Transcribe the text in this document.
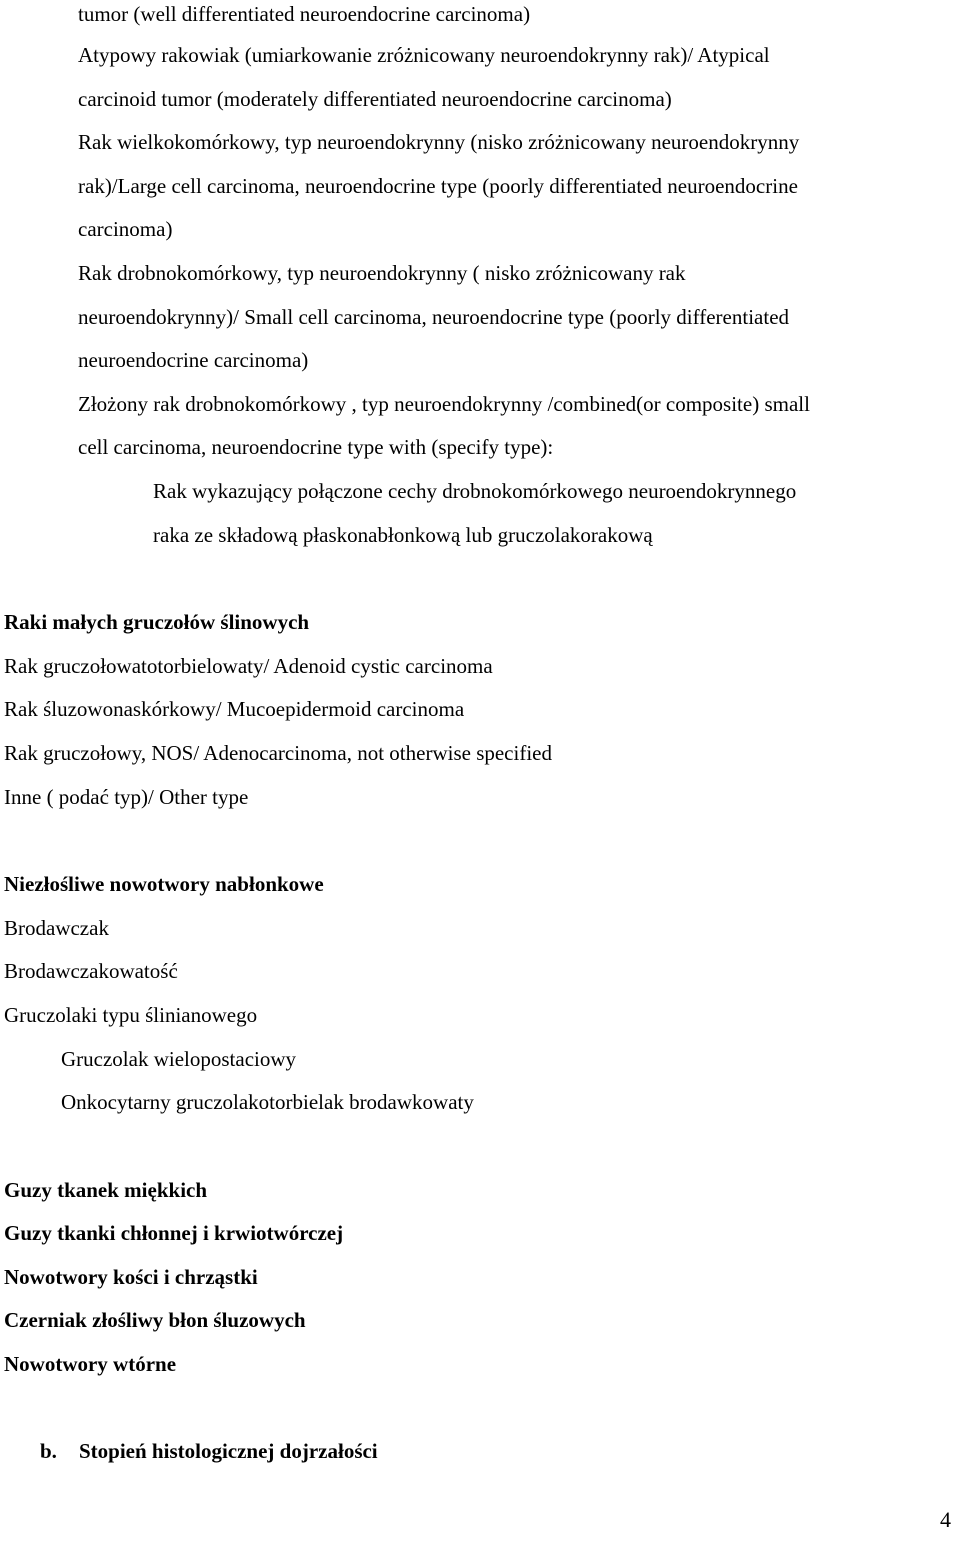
tumor (well differentiated neuroendocrine carcinoma)
Atypowy rakowiak (umiarkowanie zróżnicowany neuroendokrynny rak)/ Atypical
carcinoid tumor (moderately differentiated neuroendocrine carcinoma)
Rak wielkokomórkowy, typ neuroendokrynny (nisko zróżnicowany neuroendokrynny
rak)/Large cell carcinoma, neuroendocrine type (poorly differentiated neuroendocrine
carcinoma)
Rak drobnokomórkowy, typ neuroendokrynny ( nisko zróżnicowany rak
neuroendokrynny)/ Small cell carcinoma, neuroendocrine type (poorly differentiated
neuroendocrine carcinoma)
Złożony rak drobnokomórkowy , typ neuroendokrynny /combined(or composite) small
cell carcinoma, neuroendocrine type with (specify type):
Rak wykazujący połączone cechy drobnokomórkowego neuroendokrynnego
raka ze składową płaskonabłonkową lub gruczolakorakową
Raki małych gruczołów ślinowych
Rak gruczołowatotorbielowaty/ Adenoid cystic carcinoma
Rak śluzowonaskórkowy/ Mucoepidermoid carcinoma
Rak gruczołowy, NOS/ Adenocarcinoma, not otherwise specified
Inne ( podać typ)/ Other type
Niezłośliwe nowotwory nabłonkowe
Brodawczak
Brodawczakowatość
Gruczolaki typu ślinianowego
Gruczolak wielopostaciowy
Onkocytarny gruczolakotorbielak brodawkowaty
Guzy tkanek miękkich
Guzy tkanki chłonnej i krwiotwórczej
Nowotwory kości i chrząstki
Czerniak złośliwy błon śluzowych
Nowotwory wtórne
b. Stopień histologicznej dojrzałości
4
